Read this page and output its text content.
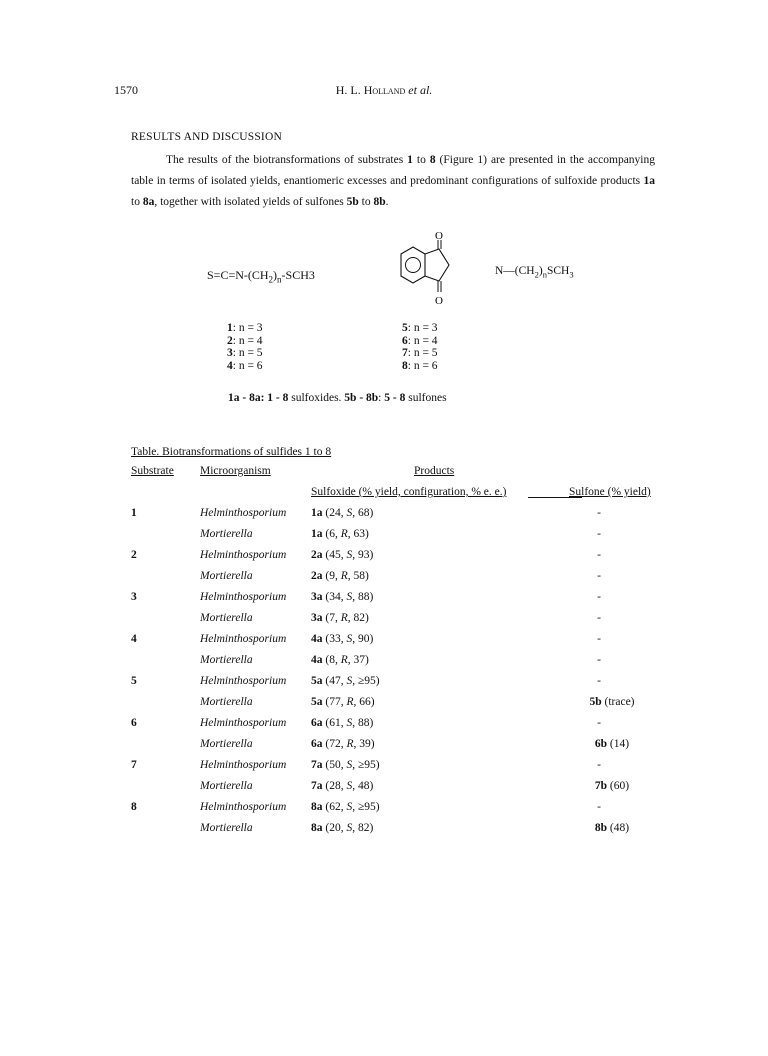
1570	H. L. Holland et al.
RESULTS AND DISCUSSION

The results of the biotransformations of substrates 1 to 8 (Figure 1) are presented in the accompanying table in terms of isolated yields, enantiomeric excesses and predominant configurations of sulfoxide products 1a to 8a, together with isolated yields of sulfones 5b to 8b.

$S=C=N-(CH_2)_n-SCH3$
O
O
$N—(CH_2)_nSCH_3$
1: n = 3
2: n = 4
3: n = 5
4: n = 6
5: n = 3
6: n = 4
7: n = 5
8: n = 6
1a - 8a: 1 - 8 sulfoxides. 5b - 8b: 5 - 8 sulfones
Table. Biotransformations of sulfides 1 to 8
Substrate Microorganism	Products
Sulfoxide (% yield, configuration, % e. e.)	Sulfone (% yield)
1	Helminthosporium 1a (24, S, 68)	-
Mortierella	1a (6, R, 63)	-
2	Helminthosporium 2a (45, S, 93)	-
Mortierella	2a (9, R, 58)	-
3	Helminthosporium 3a (34, S, 88)	-
Mortierella	3a (7, R, 82)	-
4	Helminthosporium 4a (33, S, 90)	-
Mortierella	4a (8, R, 37)	-
5	Helminthosporium 5a (47, S, ≥95)	-
Mortierella	5a (77, R, 66)	5b (trace)
6	Helminthosporium 6a (61, S, 88)	-
Mortierella	6a (72, R, 39)	6b (14)
7	Helminthosporium 7a (50, S, ≥95)	-
Mortierella	7a (28, S, 48)	7b (60)
8	Helminthosporium 8a (62, S, ≥95)	-
Mortierella	8a (20, S, 82)	8b (48)
